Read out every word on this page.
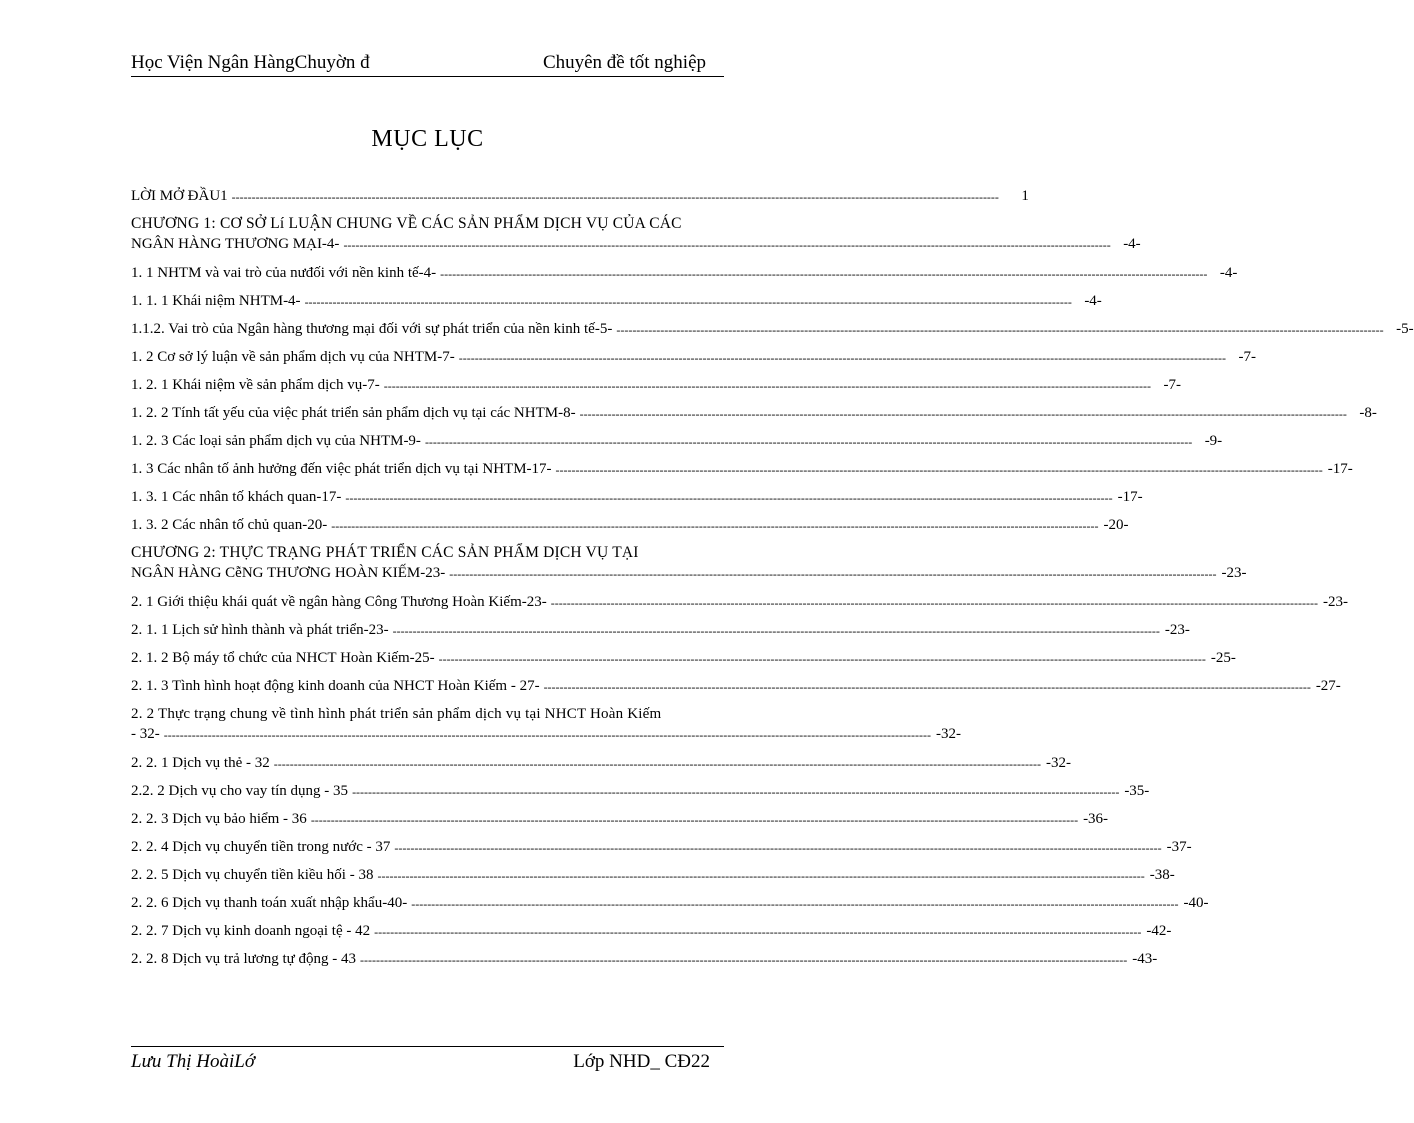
Học Viện Ngân HàngChuyờn đ	Chuyên đề tốt nghiệp
MỤC LỤC
LỜI MỞ ĐẦU1 ------------------------------------------------------------------------------------------------------------------------------------------------------------------------------------------------	1
CHƯƠNG 1: CƠ SỞ Lí LUẬN CHUNG VỀ CÁC SẢN PHẨM DỊCH VỤ CỦA CÁC
NGÂN HÀNG THƯƠNG MẠI-4- ------------------------------------------------------------------------------------------------------------------------------------------------------------------------------------------------ -4-
1. 1 NHTM và vai trò của nưđối với nền kinh tế-4- ------------------------------------------------------------------------------------------------------------------------------------------------------------------------------------------------ -4-
1. 1. 1 Khái niệm NHTM-4- ------------------------------------------------------------------------------------------------------------------------------------------------------------------------------------------------ -4-
1.1.2. Vai trò của Ngân hàng thương mại đối với sự phát triển của nền kinh tế-5- ------------------------------------------------------------------------------------------------------------------------------------------------------------------------------------------------ -5-
1. 2 Cơ sở lý luận về sản phẩm dịch vụ của NHTM-7- ------------------------------------------------------------------------------------------------------------------------------------------------------------------------------------------------ -7-
1. 2. 1 Khái niệm về sản phẩm dịch vụ-7- ------------------------------------------------------------------------------------------------------------------------------------------------------------------------------------------------ -7-
1. 2. 2 Tính tất yếu của việc phát triển sản phẩm dịch vụ tại các NHTM-8- ------------------------------------------------------------------------------------------------------------------------------------------------------------------------------------------------ -8-
1. 2. 3 Các loại sản phẩm dịch vụ của NHTM-9- ------------------------------------------------------------------------------------------------------------------------------------------------------------------------------------------------ -9-
1. 3 Các nhân tố ảnh hưởng đến việc phát triển dịch vụ tại NHTM-17- ------------------------------------------------------------------------------------------------------------------------------------------------------------------------------------------------ -17-
1. 3. 1 Các nhân tố khách quan-17- ------------------------------------------------------------------------------------------------------------------------------------------------------------------------------------------------ -17-
1. 3. 2 Các nhân tố chủ quan-20- ------------------------------------------------------------------------------------------------------------------------------------------------------------------------------------------------ -20-
CHƯƠNG 2: THỰC TRẠNG PHÁT TRIỂN CÁC SẢN PHẨM DỊCH VỤ TẠI
NGÂN HÀNG CễNG THƯƠNG HOÀN KIẾM-23- ------------------------------------------------------------------------------------------------------------------------------------------------------------------------------------------------ -23-
2. 1 Giới thiệu khái quát về ngân hàng Công Thương Hoàn Kiếm-23- ------------------------------------------------------------------------------------------------------------------------------------------------------------------------------------------------ -23-
2. 1. 1 Lịch sử hình thành và phát triển-23- ------------------------------------------------------------------------------------------------------------------------------------------------------------------------------------------------ -23-
2. 1. 2 Bộ máy tổ chức của NHCT Hoàn Kiếm-25- ------------------------------------------------------------------------------------------------------------------------------------------------------------------------------------------------ -25-
2. 1. 3 Tình hình hoạt động kinh doanh của NHCT Hoàn Kiếm - 27- ------------------------------------------------------------------------------------------------------------------------------------------------------------------------------------------------ -27-
2. 2 Thực trạng chung về tình hình phát triển sản phẩm dịch vụ tại NHCT Hoàn Kiếm
- 32- ------------------------------------------------------------------------------------------------------------------------------------------------------------------------------------------------ -32-
2. 2. 1 Dịch vụ thẻ - 32 ------------------------------------------------------------------------------------------------------------------------------------------------------------------------------------------------ -32-
2.2. 2 Dịch vụ cho vay tín dụng - 35 ------------------------------------------------------------------------------------------------------------------------------------------------------------------------------------------------ -35-
2. 2. 3 Dịch vụ bảo hiểm - 36 ------------------------------------------------------------------------------------------------------------------------------------------------------------------------------------------------ -36-
2. 2. 4 Dịch vụ chuyển tiền trong nước - 37 ------------------------------------------------------------------------------------------------------------------------------------------------------------------------------------------------ -37-
2. 2. 5 Dịch vụ chuyển tiền kiều hối - 38 ------------------------------------------------------------------------------------------------------------------------------------------------------------------------------------------------ -38-
2. 2. 6 Dịch vụ thanh toán xuất nhập khẩu-40- ------------------------------------------------------------------------------------------------------------------------------------------------------------------------------------------------ -40-
2. 2. 7 Dịch vụ kinh doanh ngoại tệ - 42 ------------------------------------------------------------------------------------------------------------------------------------------------------------------------------------------------ -42-
2. 2. 8 Dịch vụ trả lương tự động - 43 ------------------------------------------------------------------------------------------------------------------------------------------------------------------------------------------------ -43-
Lưu Thị HoàiLớ	Lớp NHD_ CĐ22
